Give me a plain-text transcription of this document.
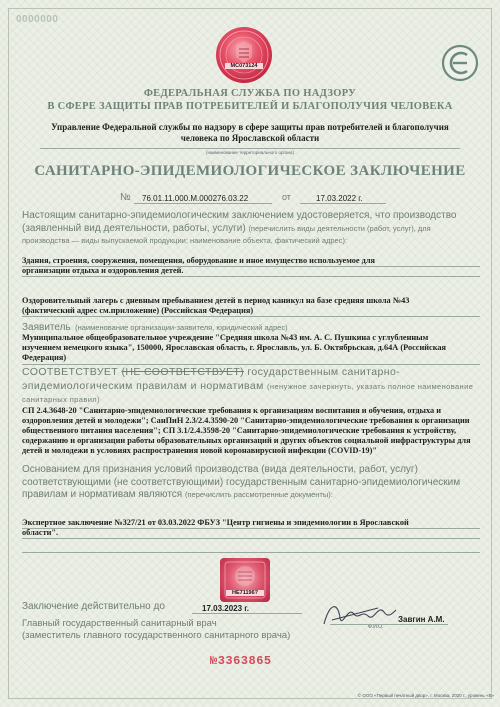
0000000
МС073124
ФЕДЕРАЛЬНАЯ СЛУЖБА ПО НАДЗОРУ
В СФЕРЕ ЗАЩИТЫ ПРАВ ПОТРЕБИТЕЛЕЙ И БЛАГОПОЛУЧИЯ ЧЕЛОВЕКА
Управление Федеральной службы по надзору в сфере защиты прав потребителей и благополучия человека по Ярославской области
(наименование территориального органа)
САНИТАРНО-ЭПИДЕМИОЛОГИЧЕСКОЕ ЗАКЛЮЧЕНИЕ
№ 76.01.11.000.М.000276.03.22	от	17.03.2022 г.
Настоящим санитарно-эпидемиологическим заключением удостоверяется, что производство (заявленный вид деятельности, работы, услуги) (перечислить виды деятельности (работ, услуг), для производства — виды выпускаемой продукции; наименование объекта, фактический адрес):
Здания, строения, сооружения, помещения, оборудование и иное имущество используемое для организации отдыха и оздоровления детей.
Оздоровительный лагерь с дневным пребыванием детей в период каникул на базе средняя школа №43 (фактический адрес см.приложение) (Российская Федерация)
Заявитель (наименование организации-заявителя, юридический адрес)
Муниципальное общеобразовательное учреждение "Средняя школа №43 им. А. С. Пушкина с углубленным изучением немецкого языка", 150000, Ярославская область, г. Ярославль, ул. Б. Октябрьская, д.64А (Российская Федерация)
СООТВЕТСТВУЕТ (НЕ СООТВЕТСТВУЕТ) государственным санитарно-эпидемиологическим правилам и нормативам (ненужное зачеркнуть, указать полное наименование санитарных правил)
СП 2.4.3648-20 "Санитарно-эпидемиологические требования к организациям воспитания и обучения, отдыха и оздоровления детей и молодежи"; СанПиН 2.3/2.4.3590-20 "Санитарно-эпидемиологические требования к организации общественного питания населения"; СП 3.1/2.4.3598-20 "Санитарно-эпидемиологические требования к устройству, содержанию и организации работы образовательных организаций и других объектов социальной инфраструктуры для детей и молодежи в условиях распространения новой коронавирусной инфекции (COVID-19)"
Основанием для признания условий производства (вида деятельности, работ, услуг) соответствующими (не соответствующими) государственным санитарно-эпидемиологическим правилам и нормативам являются (перечислить рассмотренные документы):
Экспертное заключение №327/21 от 03.03.2022 ФБУЗ "Центр гигиены и эпидемиологии в Ярославской области".
НЕ71196?
Заключение действительно до	17.03.2023 г.
Главный государственный санитарный врач
(заместитель главного государственного санитарного врача)
Ф.И.О.
Завгин А.М.
№3363865
© ООО «Первый печатный двор», г. Москва, 2020 г., уровень «В»
